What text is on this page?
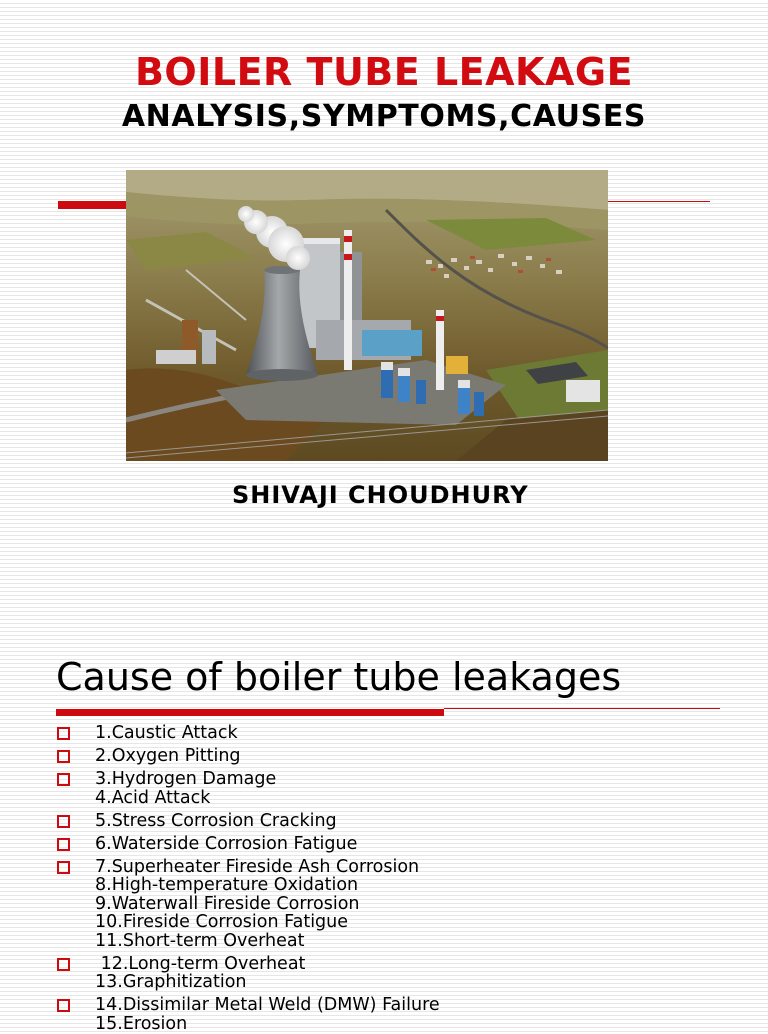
BOILER TUBE LEAKAGE
ANALYSIS,SYMPTOMS,CAUSES
SHIVAJI CHOUDHURY
Cause of boiler tube leakages
1.Caustic Attack
2.Oxygen Pitting
3.Hydrogen Damage
4.Acid Attack
5.Stress Corrosion Cracking
6.Waterside Corrosion Fatigue
7.Superheater Fireside Ash Corrosion
8.High-temperature Oxidation
9.Waterwall Fireside Corrosion
10.Fireside Corrosion Fatigue
11.Short-term Overheat
12.Long-term Overheat
13.Graphitization
14.Dissimilar Metal Weld (DMW) Failure
15.Erosion
